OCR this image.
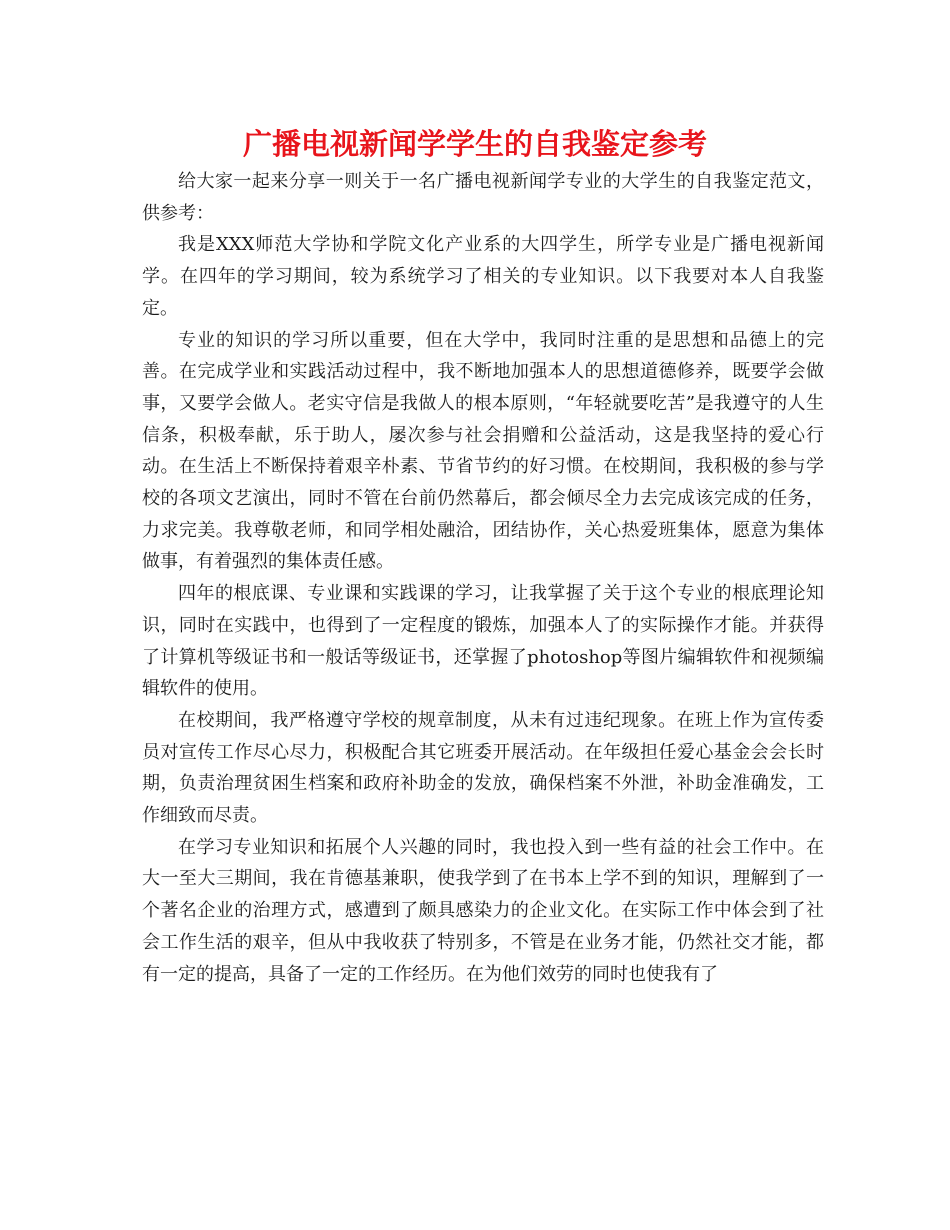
广播电视新闻学学生的自我鉴定参考

给大家一起来分享一则关于一名广播电视新闻学专业的大学生的自我鉴定范文，供参考：

我是XXX师范大学协和学院文化产业系的大四学生，所学专业是广播电视新闻学。在四年的学习期间，较为系统学习了相关的专业知识。以下我要对本人自我鉴定。

专业的知识的学习所以重要，但在大学中，我同时注重的是思想和品德上的完善。在完成学业和实践活动过程中，我不断地加强本人的思想道德修养，既要学会做事，又要学会做人。老实守信是我做人的根本原则，“年轻就要吃苦”是我遵守的人生信条，积极奉献，乐于助人，屡次参与社会捐赠和公益活动，这是我坚持的爱心行动。在生活上不断保持着艰辛朴素、节省节约的好习惯。在校期间，我积极的参与学校的各项文艺演出，同时不管在台前仍然幕后，都会倾尽全力去完成该完成的任务，力求完美。我尊敬老师，和同学相处融洽，团结协作，关心热爱班集体，愿意为集体做事，有着强烈的集体责任感。

四年的根底课、专业课和实践课的学习，让我掌握了关于这个专业的根底理论知识，同时在实践中，也得到了一定程度的锻炼，加强本人了的实际操作才能。并获得了计算机等级证书和一般话等级证书，还掌握了photoshop等图片编辑软件和视频编辑软件的使用。

在校期间，我严格遵守学校的规章制度，从未有过违纪现象。在班上作为宣传委员对宣传工作尽心尽力，积极配合其它班委开展活动。在年级担任爱心基金会会长时期，负责治理贫困生档案和政府补助金的发放，确保档案不外泄，补助金准确发，工作细致而尽责。

在学习专业知识和拓展个人兴趣的同时，我也投入到一些有益的社会工作中。在大一至大三期间，我在肯德基兼职，使我学到了在书本上学不到的知识，理解到了一个著名企业的治理方式，感遭到了颇具感染力的企业文化。在实际工作中体会到了社会工作生活的艰辛，但从中我收获了特别多，不管是在业务才能，仍然社交才能，都有一定的提高，具备了一定的工作经历。在为他们效劳的同时也使我有了
